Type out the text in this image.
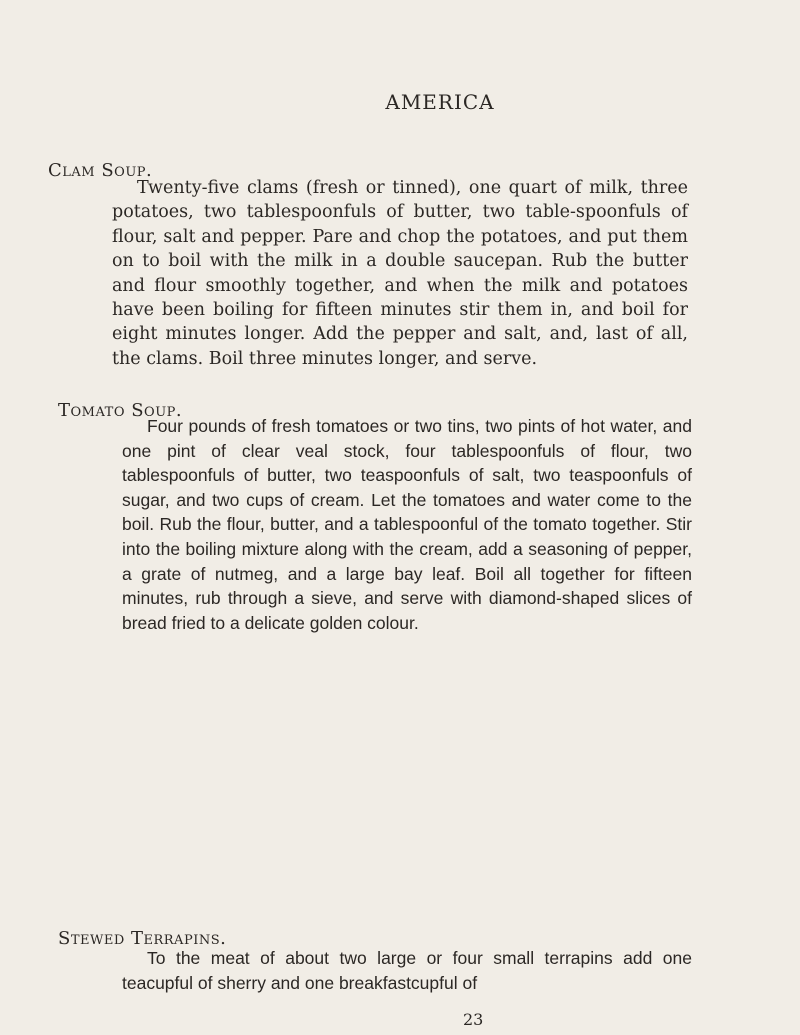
AMERICA
Clam Soup.

Twenty-five clams (fresh or tinned), one quart of milk, three potatoes, two tablespoonfuls of butter, two table-spoonfuls of flour, salt and pepper. Pare and chop the potatoes, and put them on to boil with the milk in a double saucepan. Rub the butter and flour smoothly together, and when the milk and potatoes have been boiling for fifteen minutes stir them in, and boil for eight minutes longer. Add the pepper and salt, and, last of all, the clams. Boil three minutes longer, and serve.

Tomato Soup.

Four pounds of fresh tomatoes or two tins, two pints of hot water, and one pint of clear veal stock, four tablespoonfuls of flour, two tablespoonfuls of butter, two teaspoonfuls of salt, two teaspoonfuls of sugar, and two cups of cream. Let the tomatoes and water come to the boil. Rub the flour, butter, and a tablespoonful of the tomato together. Stir into the boiling mixture along with the cream, add a seasoning of pepper, a grate of nutmeg, and a large bay leaf. Boil all together for fifteen minutes, rub through a sieve, and serve with diamond-shaped slices of bread fried to a delicate golden colour.

Stewed Terrapins.

To the meat of about two large or four small terrapins add one teacupful of sherry and one breakfastcupful of

23
